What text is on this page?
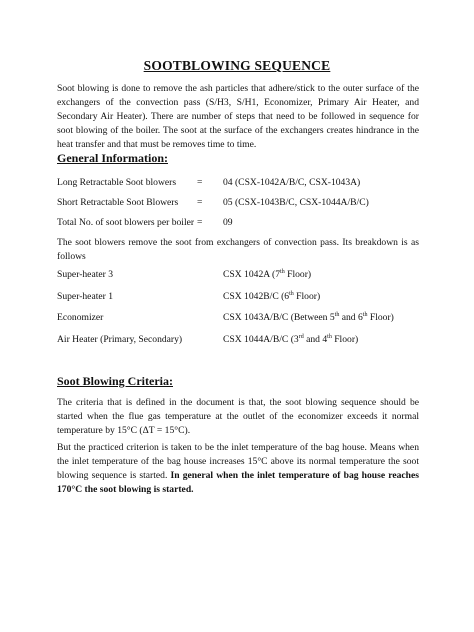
SOOTBLOWING SEQUENCE
Soot blowing is done to remove the ash particles that adhere/stick to the outer surface of the exchangers of the convection pass (S/H3, S/H1, Economizer, Primary Air Heater, and Secondary Air Heater). There are number of steps that need to be followed in sequence for soot blowing of the boiler. The soot at the surface of the exchangers creates hindrance in the heat transfer and that must be removes time to time.
General Information:
Long Retractable Soot blowers = 04 (CSX-1042A/B/C, CSX-1043A)
Short Retractable Soot Blowers = 05 (CSX-1043B/C, CSX-1044A/B/C)
Total No. of soot blowers per boiler = 09
The soot blowers remove the soot from exchangers of convection pass. Its breakdown is as follows
Super-heater 3	CSX 1042A (7th Floor)
Super-heater 1	CSX 1042B/C (6th Floor)
Economizer	CSX 1043A/B/C (Between 5th and 6th Floor)
Air Heater (Primary, Secondary)	CSX 1044A/B/C (3rd and 4th Floor)
Soot Blowing Criteria:
The criteria that is defined in the document is that, the soot blowing sequence should be started when the flue gas temperature at the outlet of the economizer exceeds it normal temperature by 15°C (ΔT = 15°C).
But the practiced criterion is taken to be the inlet temperature of the bag house. Means when the inlet temperature of the bag house increases 15°C above its normal temperature the soot blowing sequence is started. In general when the inlet temperature of bag house reaches 170°C the soot blowing is started.
